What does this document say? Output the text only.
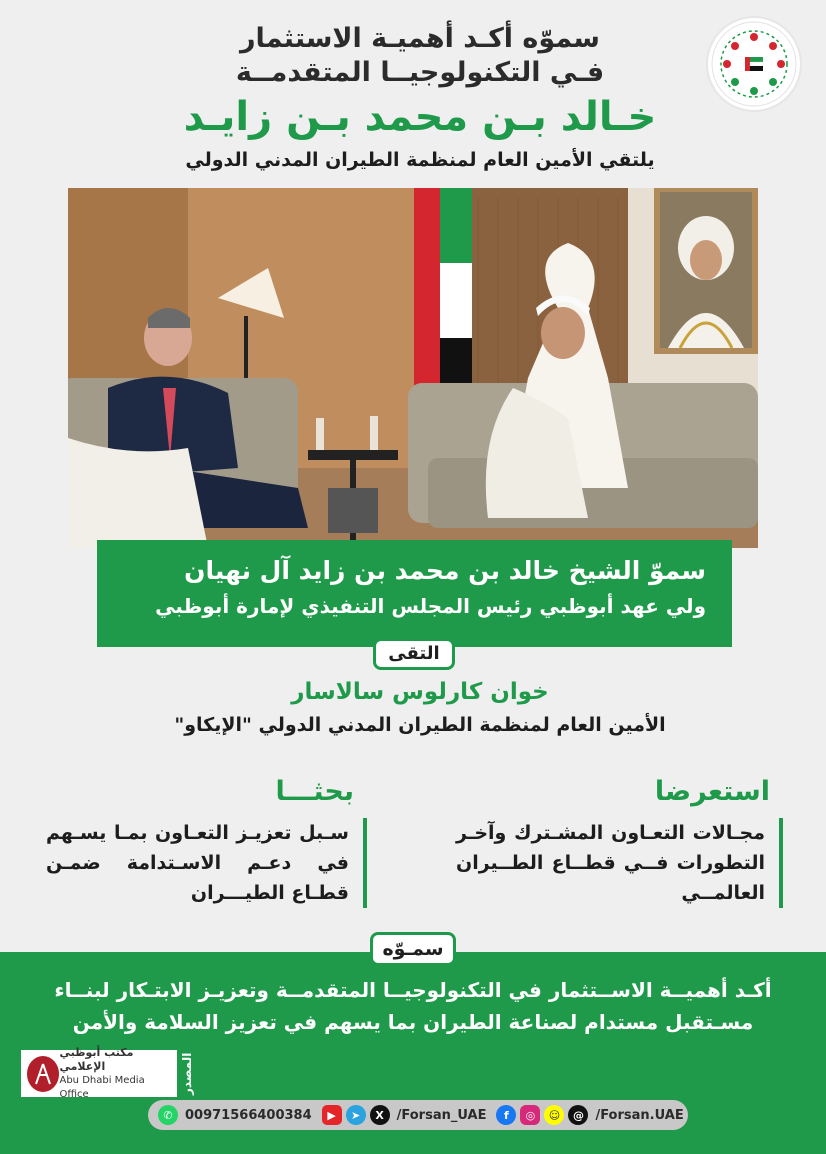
سموّه أكـد أهميـة الاستثمار
فـي التكنولوجيــا المتقدمــة
خـالد بـن محمد بـن زايـد
يلتقي الأمين العام لمنظمة الطيران المدني الدولي
سموّ الشيخ خالد بن محمد بن زايد آل نهيان
ولي عهد أبوظبي رئيس المجلس التنفيذي لإمارة أبوظبي
التقى
خوان كارلوس سالاسار
الأمين العام لمنظمة الطيران المدني الدولي "الإيكاو"
استعرضا
مجـالات التعـاون المشـترك وآخـر التطورات فــي قطــاع الطــيران العالمــي
بحثـــا
سـبل تعزيـز التعـاون بمـا يسـهم في دعـم الاسـتدامة ضمـن قطـاع الطيـــران
سمـوّه
أكـد أهميــة الاســتثمار في التكنولوجيــا المتقدمــة وتعزيـز الابتـكار لبنــاء مسـتقبل مستدام لصناعة الطيران بما يسهم في تعزيز السلامة والأمن
مكتب أبوظبي الإعلامي
Abu Dhabi Media Office	المصدر
✆ 00971566400384	▶	➤	X /Forsan_UAE	f	◎	☺	@ /Forsan.UAE
